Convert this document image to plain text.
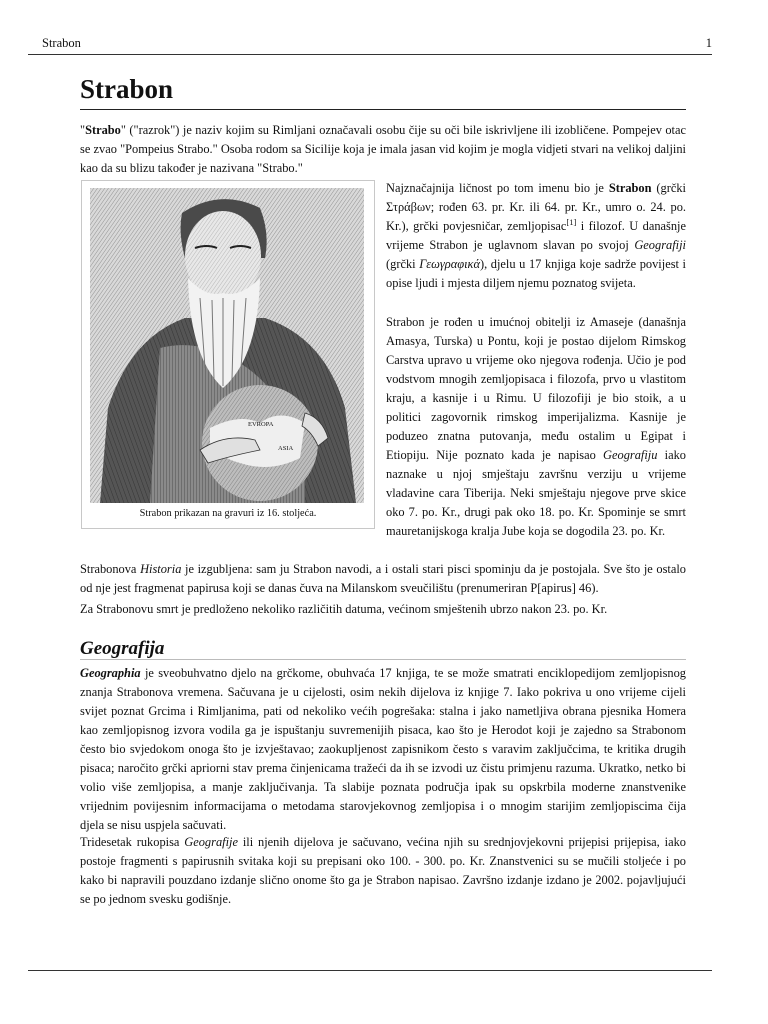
Strabon	1
Strabon

"Strabo" ("razrok") je naziv kojim su Rimljani označavali osobu čije su oči bile iskrivljene ili izobličene. Pompejev otac se zvao "Pompeius Strabo." Osoba rodom sa Sicilije koja je imala jasan vid kojim je mogla vidjeti stvari na velikoj daljini kao da su blizu također je nazivana "Strabo."

EVROPA
ASIA
Strabon prikazan na gravuri iz 16. stoljeća.

Najznačajnija ličnost po tom imenu bio je Strabon (grčki Στράβων; rođen 63. pr. Kr. ili 64. pr. Kr., umro o. 24. po. Kr.), grčki povjesničar, zemljopisac[1] i filozof. U današnje vrijeme Strabon je uglavnom slavan po svojoj Geografiji (grčki Γεωγραφικά), djelu u 17 knjiga koje sadrže povijest i opise ljudi i mjesta diljem njemu poznatog svijeta.

Strabon je rođen u imućnoj obitelji iz Amaseje (današnja Amasya, Turska) u Pontu, koji je postao dijelom Rimskog Carstva upravo u vrijeme oko njegova rođenja. Učio je pod vodstvom mnogih zemljopisaca i filozofa, prvo u vlastitom kraju, a kasnije i u Rimu. U filozofiji je bio stoik, a u politici zagovornik rimskog imperijalizma. Kasnije je poduzeo znatna putovanja, među ostalim u Egipat i Etiopiju. Nije poznato kada je napisao Geografiju iako naznake u njoj smještaju završnu verziju u vrijeme vladavine cara Tiberija. Neki smještaju njegove prve skice oko 7. po. Kr., drugi pak oko 18. po. Kr. Spominje se smrt mauretanijskoga kralja Jube koja se dogodila 23. po. Kr.

Strabonova Historia je izgubljena: sam ju Strabon navodi, a i ostali stari pisci spominju da je postojala. Sve što je ostalo od nje jest fragmenat papirusa koji se danas čuva na Milanskom sveučilištu (prenumeriran P[apirus] 46).

Za Strabonovu smrt je predloženo nekoliko različitih datuma, većinom smještenih ubrzo nakon 23. po. Kr.

Geografija

Geographia je sveobuhvatno djelo na grčkome, obuhvaća 17 knjiga, te se može smatrati enciklopedijom zemljopisnog znanja Strabonova vremena. Sačuvana je u cijelosti, osim nekih dijelova iz knjige 7. Iako pokriva u ono vrijeme cijeli svijet poznat Grcima i Rimljanima, pati od nekoliko većih pogrešaka: stalna i jako nametljiva obrana pjesnika Homera kao zemljopisnog izvora vodila ga je ispuštanju suvremenijih pisaca, kao što je Herodot koji je zajedno sa Strabonom često bio svjedokom onoga što je izvještavao; zaokupljenost zapisnikom često s varavim zaključcima, te kritika drugih pisaca; naročito grčki apriorni stav prema činjenicama tražeći da ih se izvodi uz čistu primjenu razuma. Ukratko, netko bi volio više zemljopisa, a manje zaključivanja. Ta slabije poznata područja ipak su opskrbila moderne znanstvenike vrijednim povijesnim informacijama o metodama starovjekovnog zemljopisa i o mnogim starijim zemljopiscima čija djela se nisu uspjela sačuvati.

Tridesetak rukopisa Geografije ili njenih dijelova je sačuvano, većina njih su srednjovjekovni prijepisi prijepisa, iako postoje fragmenti s papirusnih svitaka koji su prepisani oko 100. - 300. po. Kr. Znanstvenici su se mučili stoljeće i po kako bi napravili pouzdano izdanje slično onome što ga je Strabon napisao. Završno izdanje izdano je 2002. pojavljujući se po jednom svesku godišnje.
